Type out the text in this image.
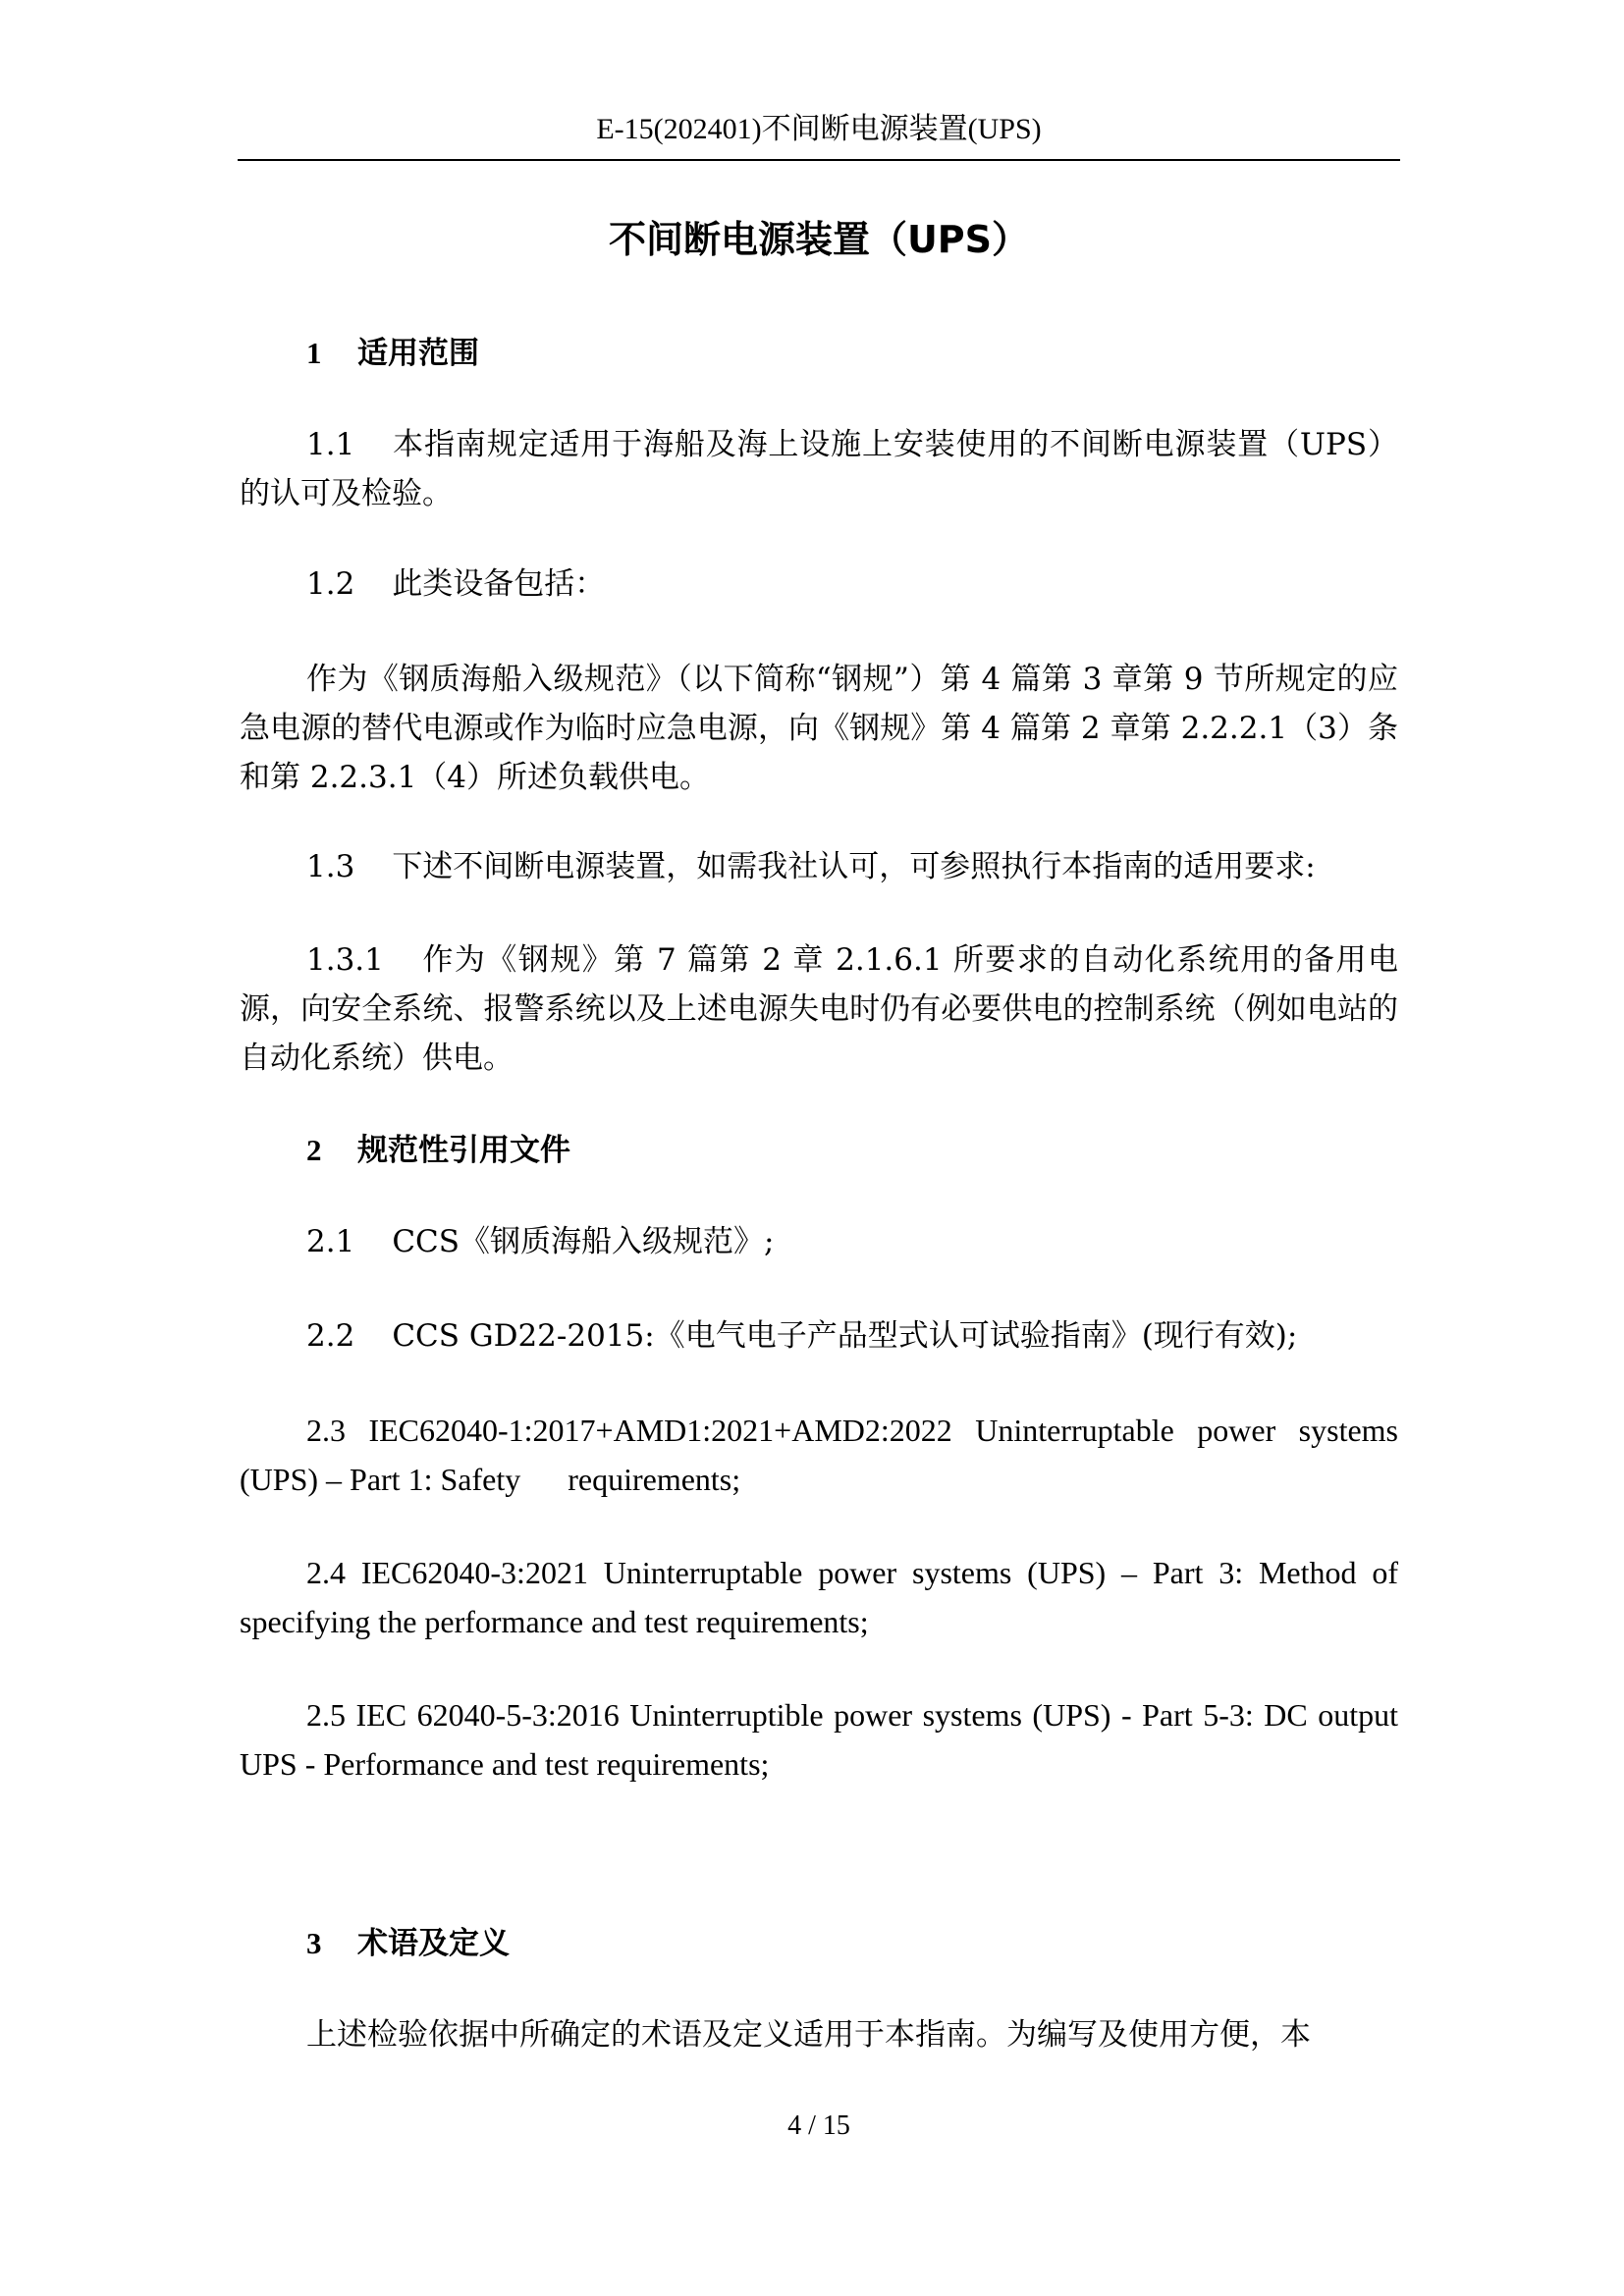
E-15(202401)不间断电源装置(UPS)
不间断电源装置（UPS）
1 适用范围
1.1 本指南规定适用于海船及海上设施上安装使用的不间断电源装置（UPS）的认可及检验。
1.2 此类设备包括：
作为《钢质海船入级规范》（以下简称“钢规”）第 4 篇第 3 章第 9 节所规定的应急电源的替代电源或作为临时应急电源，向《钢规》第 4 篇第 2 章第 2.2.2.1（3）条和第 2.2.3.1（4）所述负载供电。
1.3 下述不间断电源装置，如需我社认可，可参照执行本指南的适用要求:
1.3.1 作为《钢规》第 7 篇第 2 章 2.1.6.1 所要求的自动化系统用的备用电源，向安全系统、报警系统以及上述电源失电时仍有必要供电的控制系统（例如电站的自动化系统）供电。
2 规范性引用文件
2.1 CCS《钢质海船入级规范》;
2.2 CCS GD22-2015:《电气电子产品型式认可试验指南》(现行有效);
2.3 IEC62040-1:2017+AMD1:2021+AMD2:2022 Uninterruptable power systems (UPS) – Part 1: Safety      requirements;
2.4 IEC62040-3:2021 Uninterruptable power systems (UPS) – Part 3: Method of specifying the performance and test requirements;
2.5 IEC 62040-5-3:2016 Uninterruptible power systems (UPS) - Part 5-3: DC output UPS - Performance and test requirements;
3 术语及定义
上述检验依据中所确定的术语及定义适用于本指南。为编写及使用方便，本
4 / 15
